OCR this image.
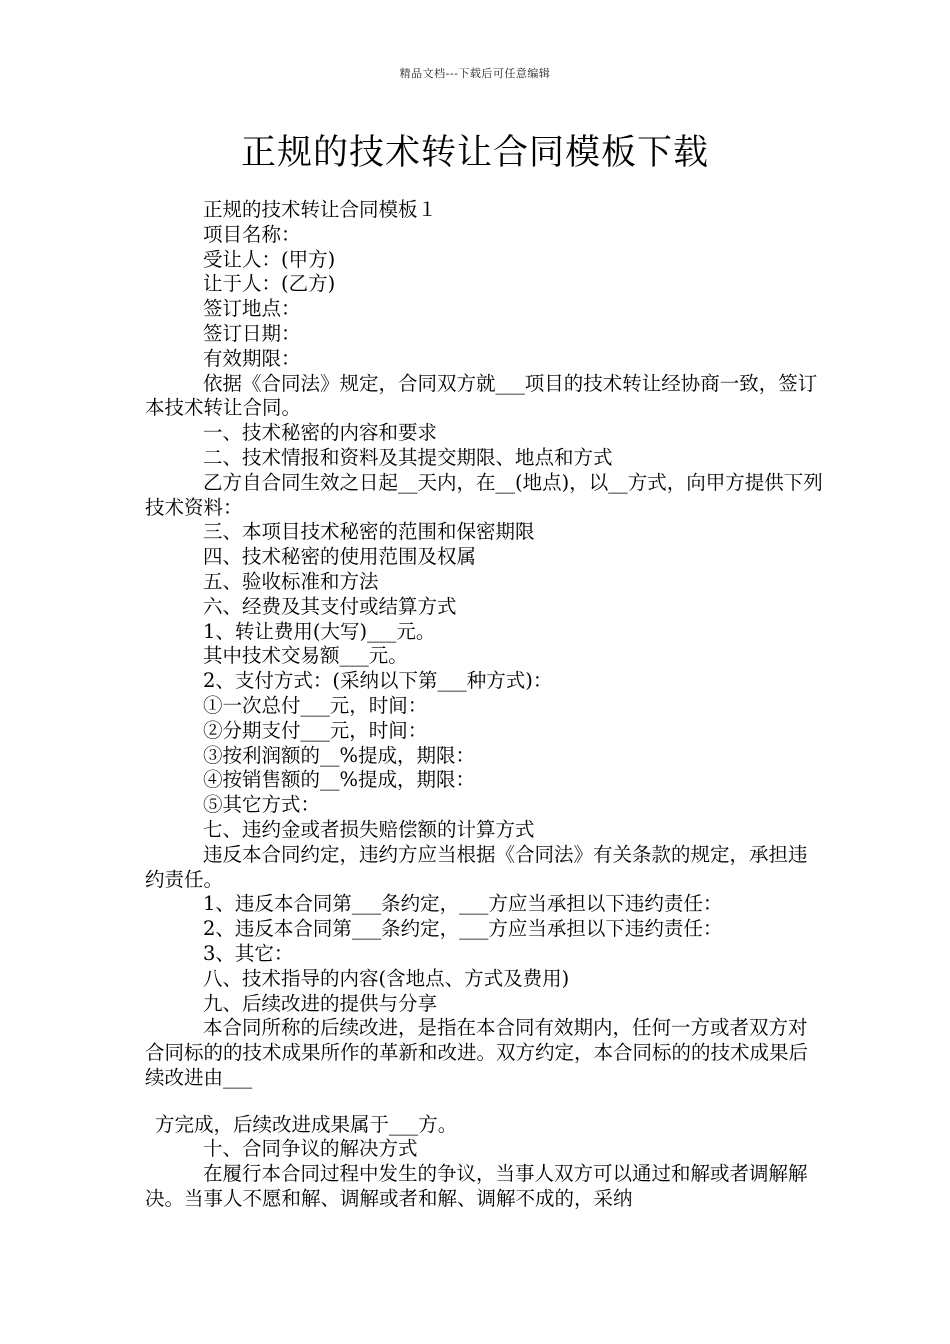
精品文档---下载后可任意编辑
正规的技术转让合同模板下载

正规的技术转让合同模板１

项目名称：

受让人：(甲方)

让于人：(乙方)

签订地点：

签订日期：

有效期限：

依据《合同法》规定，合同双方就___项目的技术转让经协商一致，签订本技术转让合同。

一、技术秘密的内容和要求

二、技术情报和资料及其提交期限、地点和方式

乙方自合同生效之日起__天内，在__(地点)，以__方式，向甲方提供下列技术资料：

三、本项目技术秘密的范围和保密期限

四、技术秘密的使用范围及权属

五、验收标准和方法

六、经费及其支付或结算方式

1、转让费用(大写)___元。

其中技术交易额___元。

2、支付方式：(采纳以下第___种方式)：

①一次总付___元，时间：

②分期支付___元，时间：

③按利润额的__%提成，期限：

④按销售额的__%提成，期限：

⑤其它方式：

七、违约金或者损失赔偿额的计算方式

违反本合同约定，违约方应当根据《合同法》有关条款的规定，承担违约责任。

1、违反本合同第___条约定，___方应当承担以下违约责任：

2、违反本合同第___条约定，___方应当承担以下违约责任：

3、其它：

八、技术指导的内容(含地点、方式及费用)

九、后续改进的提供与分享

本合同所称的后续改进，是指在本合同有效期内，任何一方或者双方对合同标的的技术成果所作的革新和改进。双方约定，本合同标的的技术成果后续改进由___

方完成，后续改进成果属于___方。

十、合同争议的解决方式

在履行本合同过程中发生的争议，当事人双方可以通过和解或者调解解决。当事人不愿和解、调解或者和解、调解不成的，采纳
